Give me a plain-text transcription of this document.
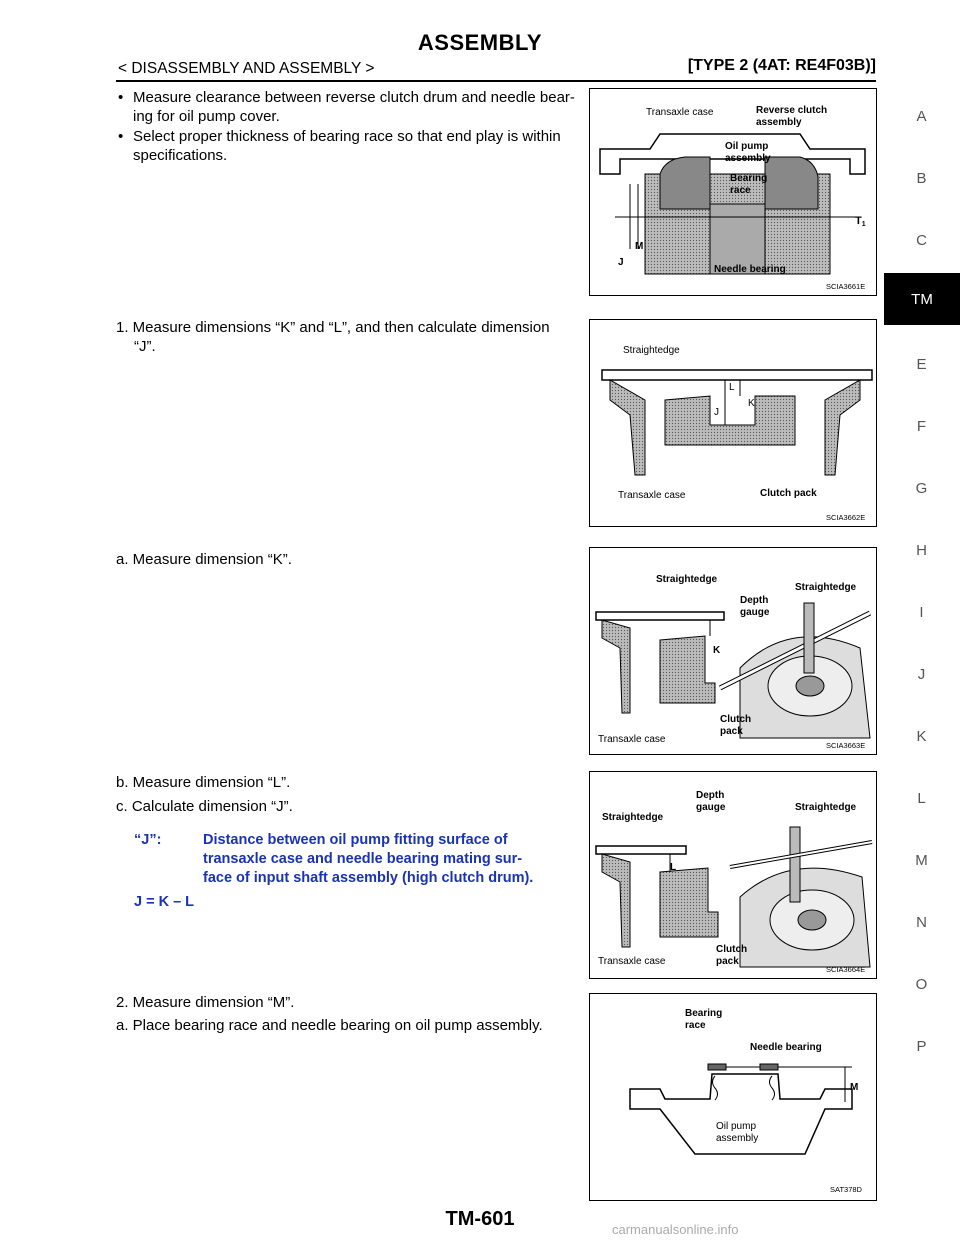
ASSEMBLY
< DISASSEMBLY AND ASSEMBLY >	[TYPE 2 (4AT: RE4F03B)]
• Measure clearance between reverse clutch drum and needle bear-
ing for oil pump cover.
• Select proper thickness of bearing race so that end play is within
specifications.
1. Measure dimensions “K” and “L”, and then calculate dimension
“J”.
a. Measure dimension “K”.
b. Measure dimension “L”.
c. Calculate dimension “J”.
“J”:	Distance between oil pump fitting surface of
transaxle case and needle bearing mating sur-
face of input shaft assembly (high clutch drum).
J = K – L
2. Measure dimension “M”.
a. Place bearing race and needle bearing on oil pump assembly.
Transaxle case	Reverse clutch
assembly
Oil pump
assembly
Bearing
race
T1
M
J
Needle bearing
SCIA3661E
Straightedge
L
J
K
Transaxle case	Clutch pack
SCIA3662E
Straightedge
Straightedge
Depth
gauge
K
Clutch
pack
Transaxle case
SCIA3663E
Straightedge
Straightedge
Depth
gauge
L
Clutch
pack
Transaxle case
SCIA3664E
Bearing
race
Needle bearing
M
Oil pump
assembly
SAT378D
A
B
C
TM
E
F
G
H
I
J
K
L
M
N
O
P
TM-601	carmanualsonline.info
